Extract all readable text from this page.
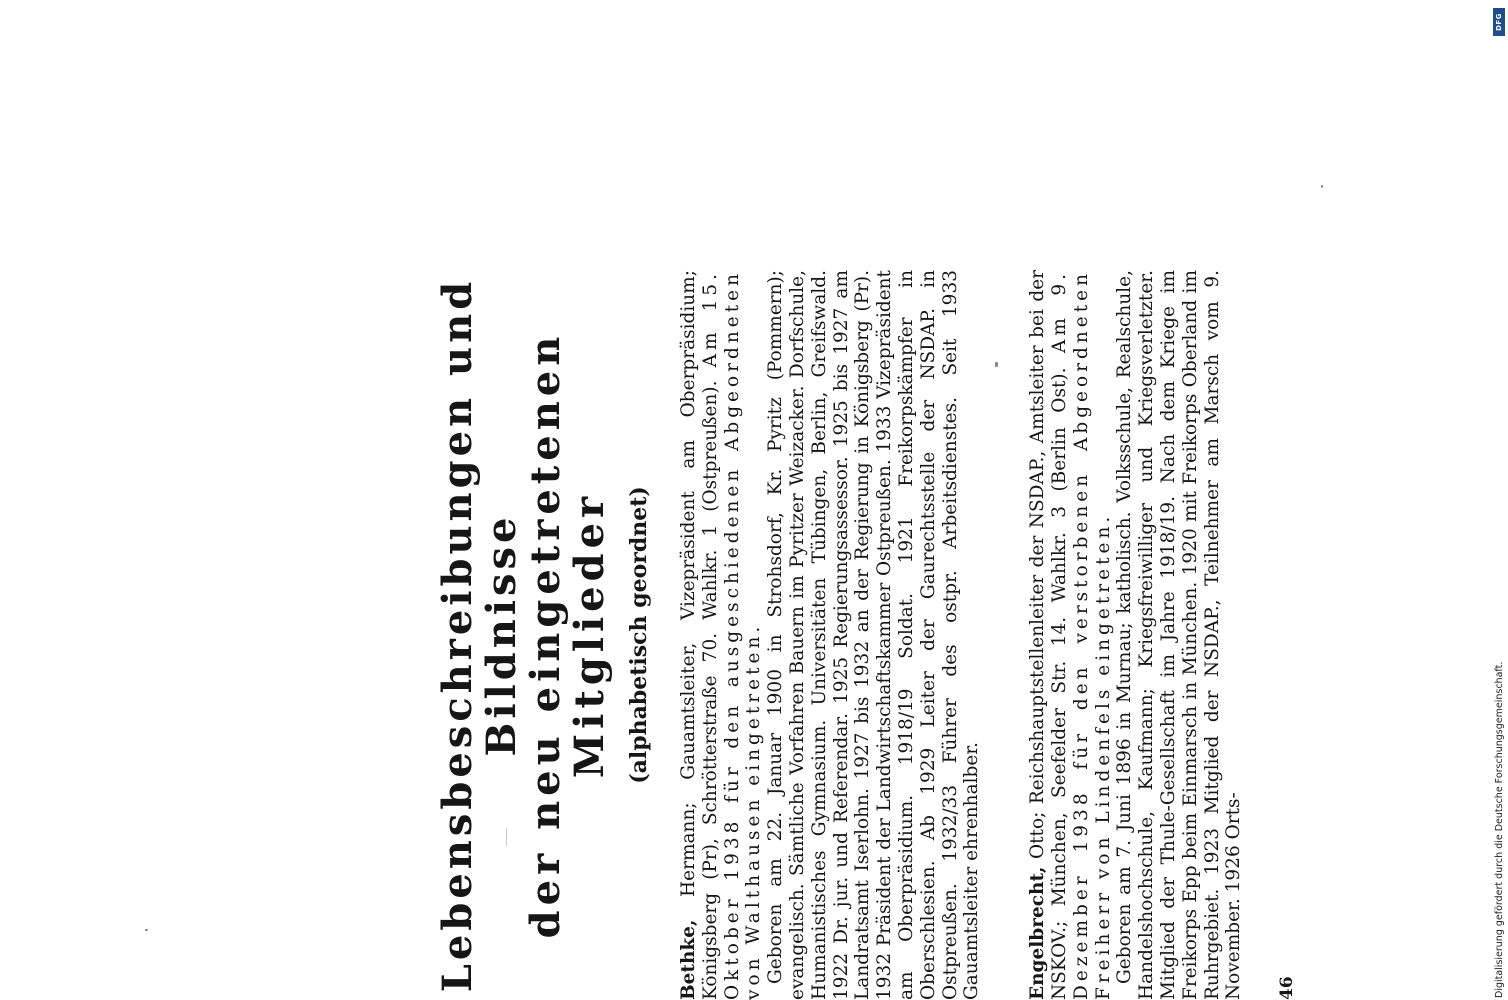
Lebensbeschreibungen und Bildnisse
der neu eingetretenen Mitglieder (alphabetisch geordnet)

Bethke, Hermann; Gauamtsleiter, Vizepräsident am Oberpräsidium; Königsberg (Pr), Schrötterstraße 70. Wahlkr. 1 (Ostpreußen). Am 15. Oktober 1938 für den ausgeschiedenen Abgeordneten von Walthausen eingetreten. Geboren am 22. Januar 1900 in Strohsdorf, Kr. Pyritz (Pommern); evangelisch. Sämtliche Vorfahren Bauern im Pyritzer Weizacker. Dorfschule, Humanistisches Gymnasium. Universitäten Tübingen, Berlin, Greifswald. 1922 Dr. jur. und Referendar. 1925 Regierungsassessor. 1925 bis 1927 am Landratsamt Iserlohn. 1927 bis 1932 an der Regierung in Königsberg (Pr). 1932 Präsident der Landwirtschaftskammer Ostpreußen. 1933 Vizepräsident am Oberpräsidium. 1918/19 Soldat. 1921 Freikorpskämpfer in Oberschlesien. Ab 1929 Leiter der Gaurechtsstelle der NSDAP. in Ostpreußen. 1932/33 Führer des ostpr. Arbeitsdienstes. Seit 1933 Gauamtsleiter ehrenhalber. Engelbrecht, Otto; Reichshauptstellenleiter der NSDAP., Amtsleiter bei der NSKOV.; München, Seefelder Str. 14. Wahlkr. 3 (Berlin Ost). Am 9. Dezember 1938 für den verstorbenen Abgeordneten Freiherr von Lindenfels eingetreten. Geboren am 7. Juni 1896 in Murnau; katholisch. Volksschule, Realschule, Handelshochschule, Kaufmann; Kriegsfreiwilliger und Kriegsverletzter. Mitglied der Thule-Gesellschaft im Jahre 1918/19. Nach dem Kriege im Freikorps Epp beim Einmarsch in München. 1920 mit Freikorps Oberland im Ruhrgebiet. 1923 Mitglied der NSDAP., Teilnehmer am Marsch vom 9. November. 1926 Orts- 46	Digitalisierung gefördert durch die Deutsche Forschungsgemeinschaft.
DFG
